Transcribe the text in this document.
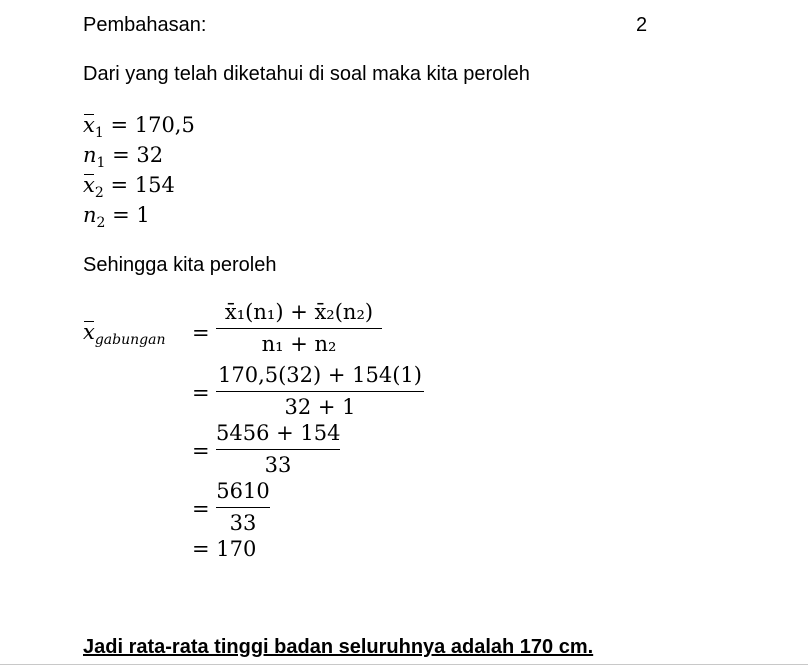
Pembahasan:	2
Dari yang telah diketahui di soal maka kita peroleh
$x_1 = 170,5$
$n_1 = 32$
$x_2 = 154$
$n_2 = 1$
Sehingga kita peroleh
$x_{gabungan}$ =
x̄₁(n₁) + x̄₂(n₂)
n₁ + n₂
=
170,5(32) + 154(1)
32 + 1
=
5456 + 154
33
=
5610
33
= 170
Jadi rata-rata tinggi badan seluruhnya adalah 170 cm.
